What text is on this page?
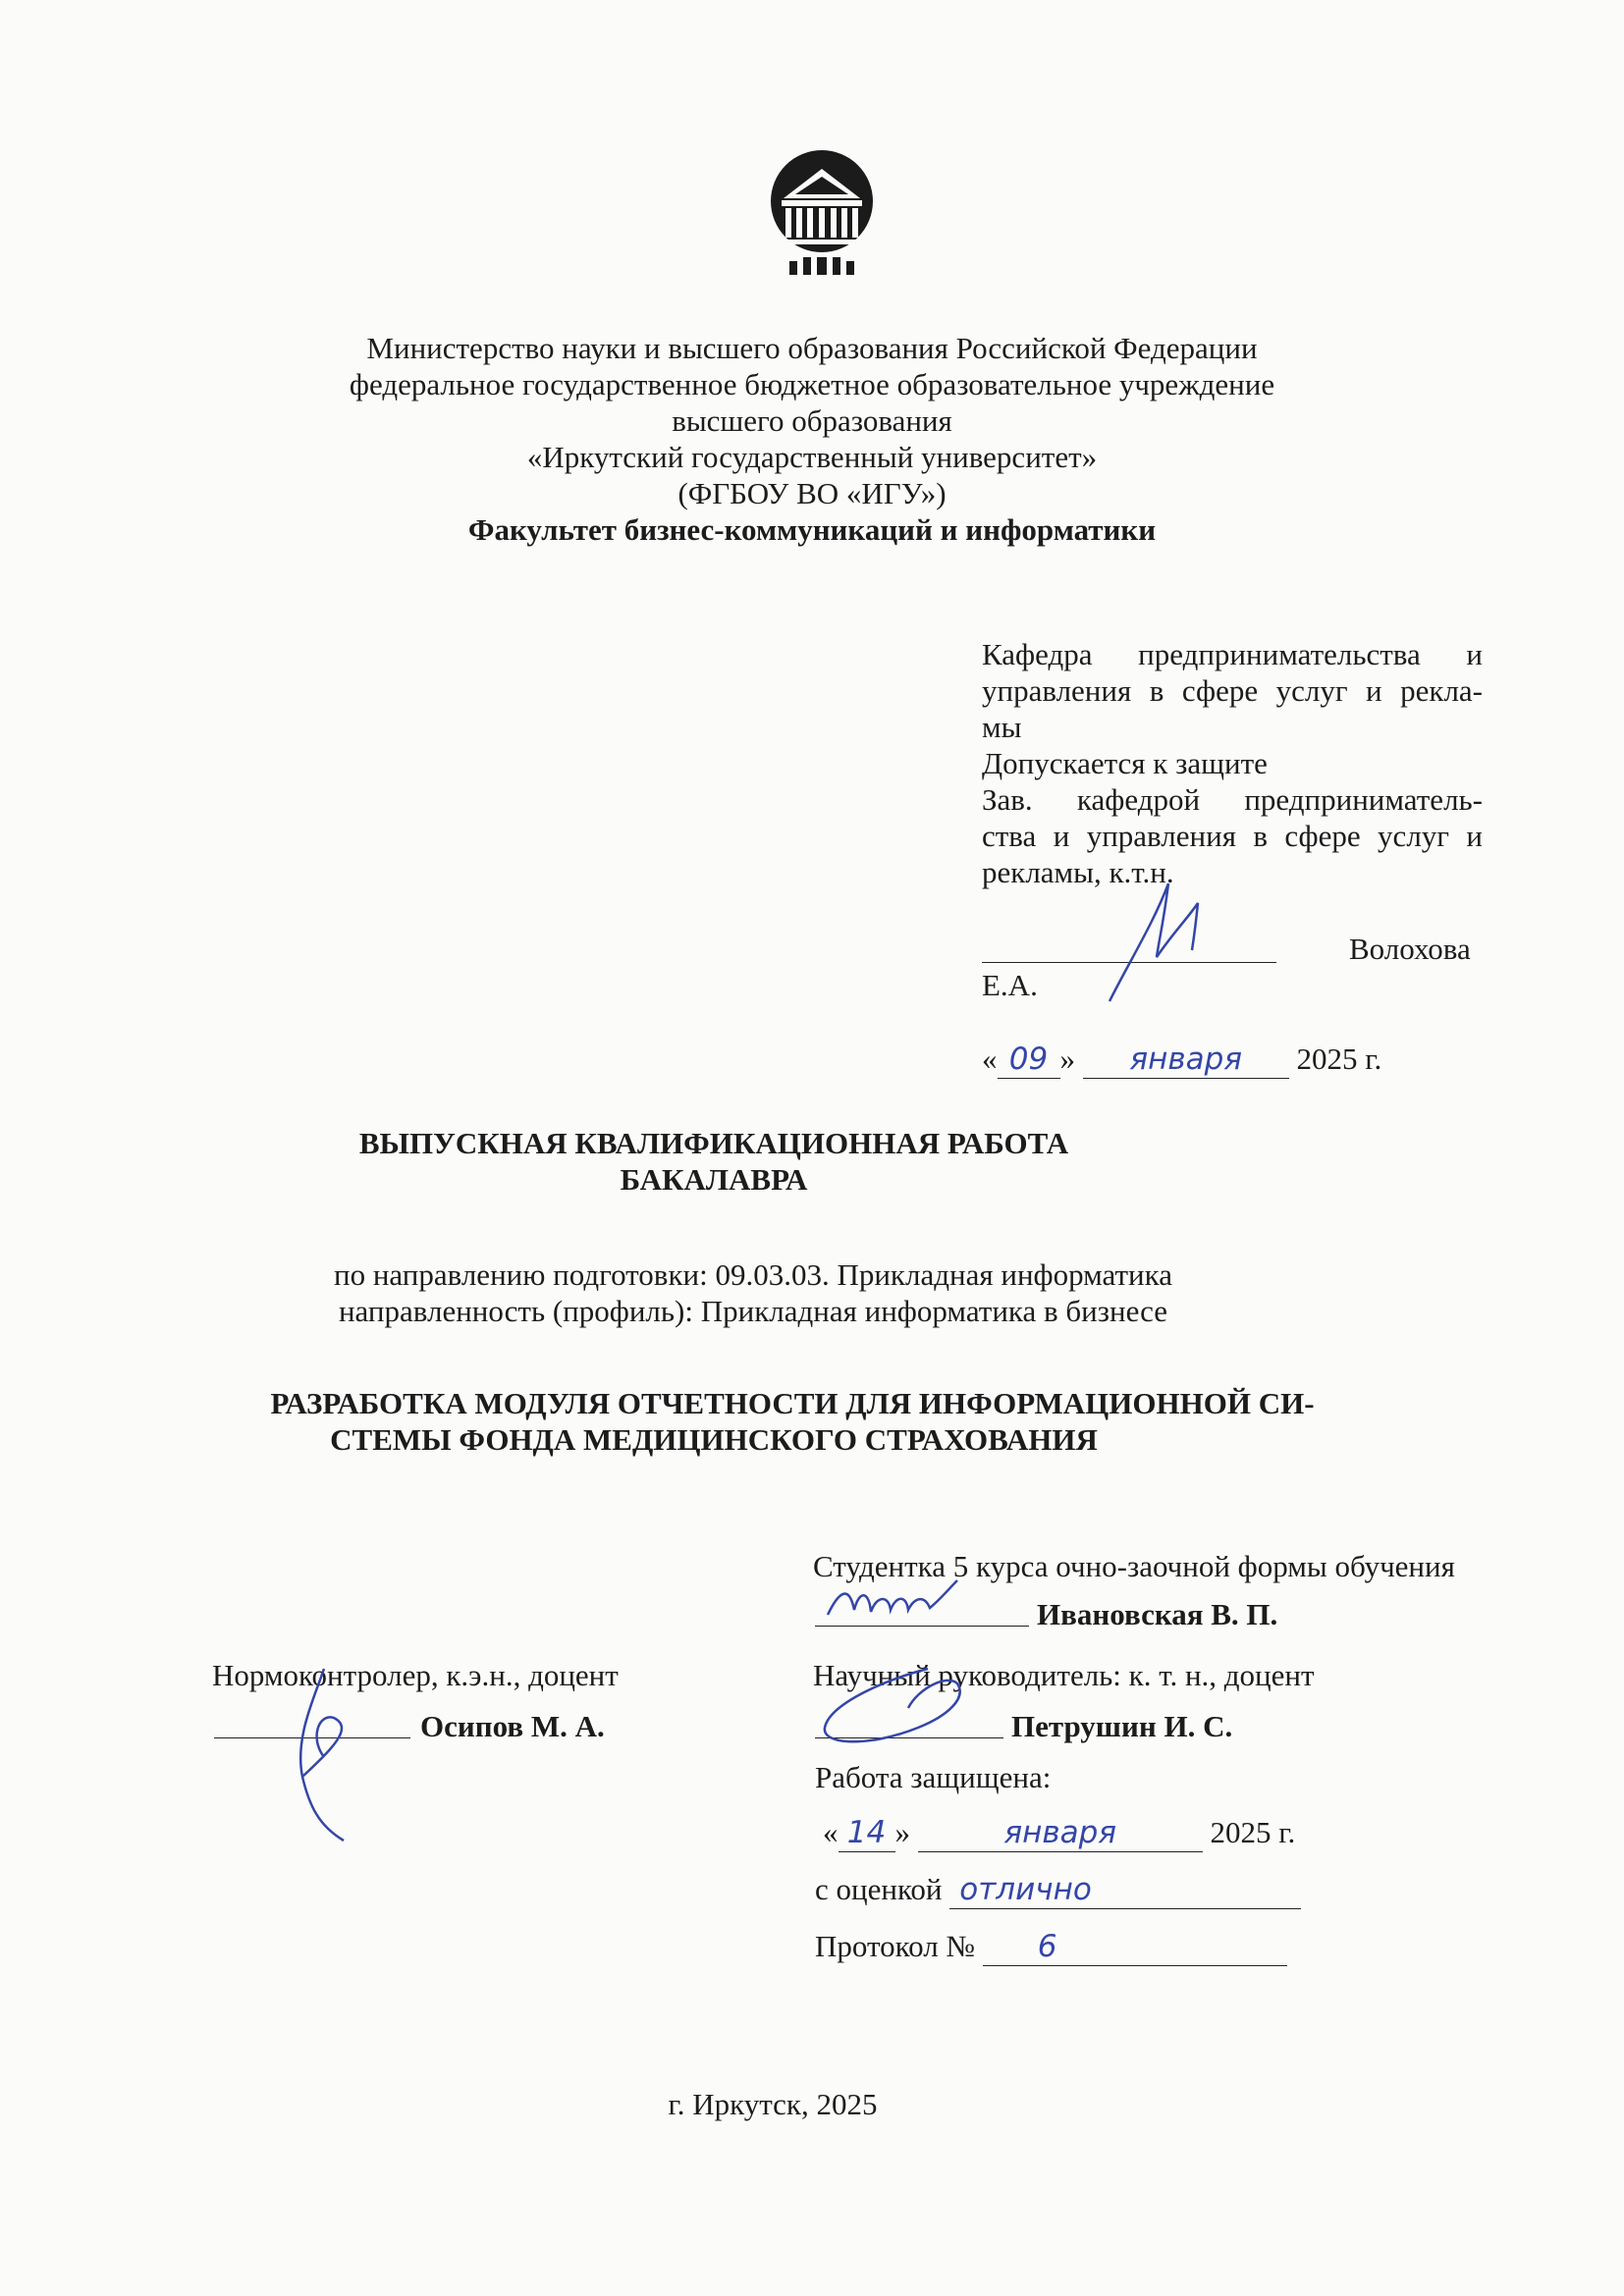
Министерство науки и высшего образования Российской Федерации
федеральное государственное бюджетное образовательное учреждение
высшего образования
«Иркутский государственный университет»
(ФГБОУ ВО «ИГУ»)
Факультет бизнес-коммуникаций и информатики
Кафедра предпринимательства и
управления в сфере услуг и рекла-
мы
Допускается к защите
Зав. кафедрой предприниматель-
ства и управления в сфере услуг и
рекламы, к.т.н.
Волохова
Е.А.
« 09 » января 2025 г.
ВЫПУСКНАЯ КВАЛИФИКАЦИОННАЯ РАБОТА
БАКАЛАВРА
по направлению подготовки: 09.03.03. Прикладная информатика
направленность (профиль): Прикладная информатика в бизнесе
РАЗРАБОТКА МОДУЛЯ ОТЧЕТНОСТИ ДЛЯ ИНФОРМАЦИОННОЙ СИ-
СТЕМЫ ФОНДА МЕДИЦИНСКОГО СТРАХОВАНИЯ
Студентка 5 курса очно-заочной формы обучения
Ивановская В. П.
Нормоконтролер, к.э.н., доцент
Осипов М. А.
Научный руководитель: к. т. н., доцент
Петрушин И. С.
Работа защищена:
« 14 »	января	2025 г.
с оценкой отлично
Протокол № 6
г. Иркутск, 2025
